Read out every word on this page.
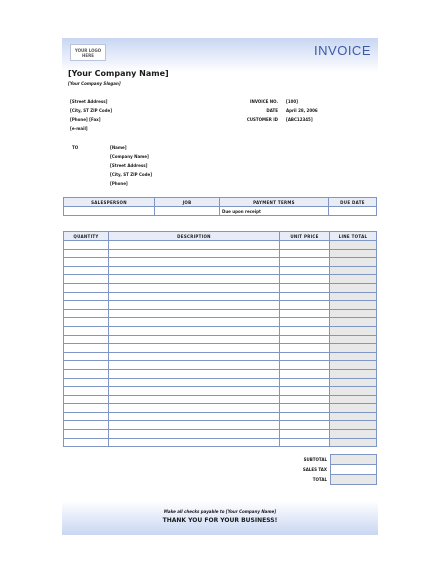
YOUR LOGO
HERE	INVOICE
[Your Company Name]
[Your Company Slogan]
[Street Address]
[City, ST ZIP Code]
[Phone] [Fax]
[e-mail]
INVOICE NO. [100]
DATE April 28, 2006
CUSTOMER ID [ABC12345]
TO	[Name]
[Company Name]
[Street Address]
[City, ST ZIP Code]
[Phone]
SALESPERSON	JOB	PAYMENT TERMS	DUE DATE
		Due upon receipt	
QUANTITY	DESCRIPTION	UNIT PRICE	LINE TOTAL

SUBTOTAL	
SALES TAX	
TOTAL	
Make all checks payable to [Your Company Name]
THANK YOU FOR YOUR BUSINESS!
